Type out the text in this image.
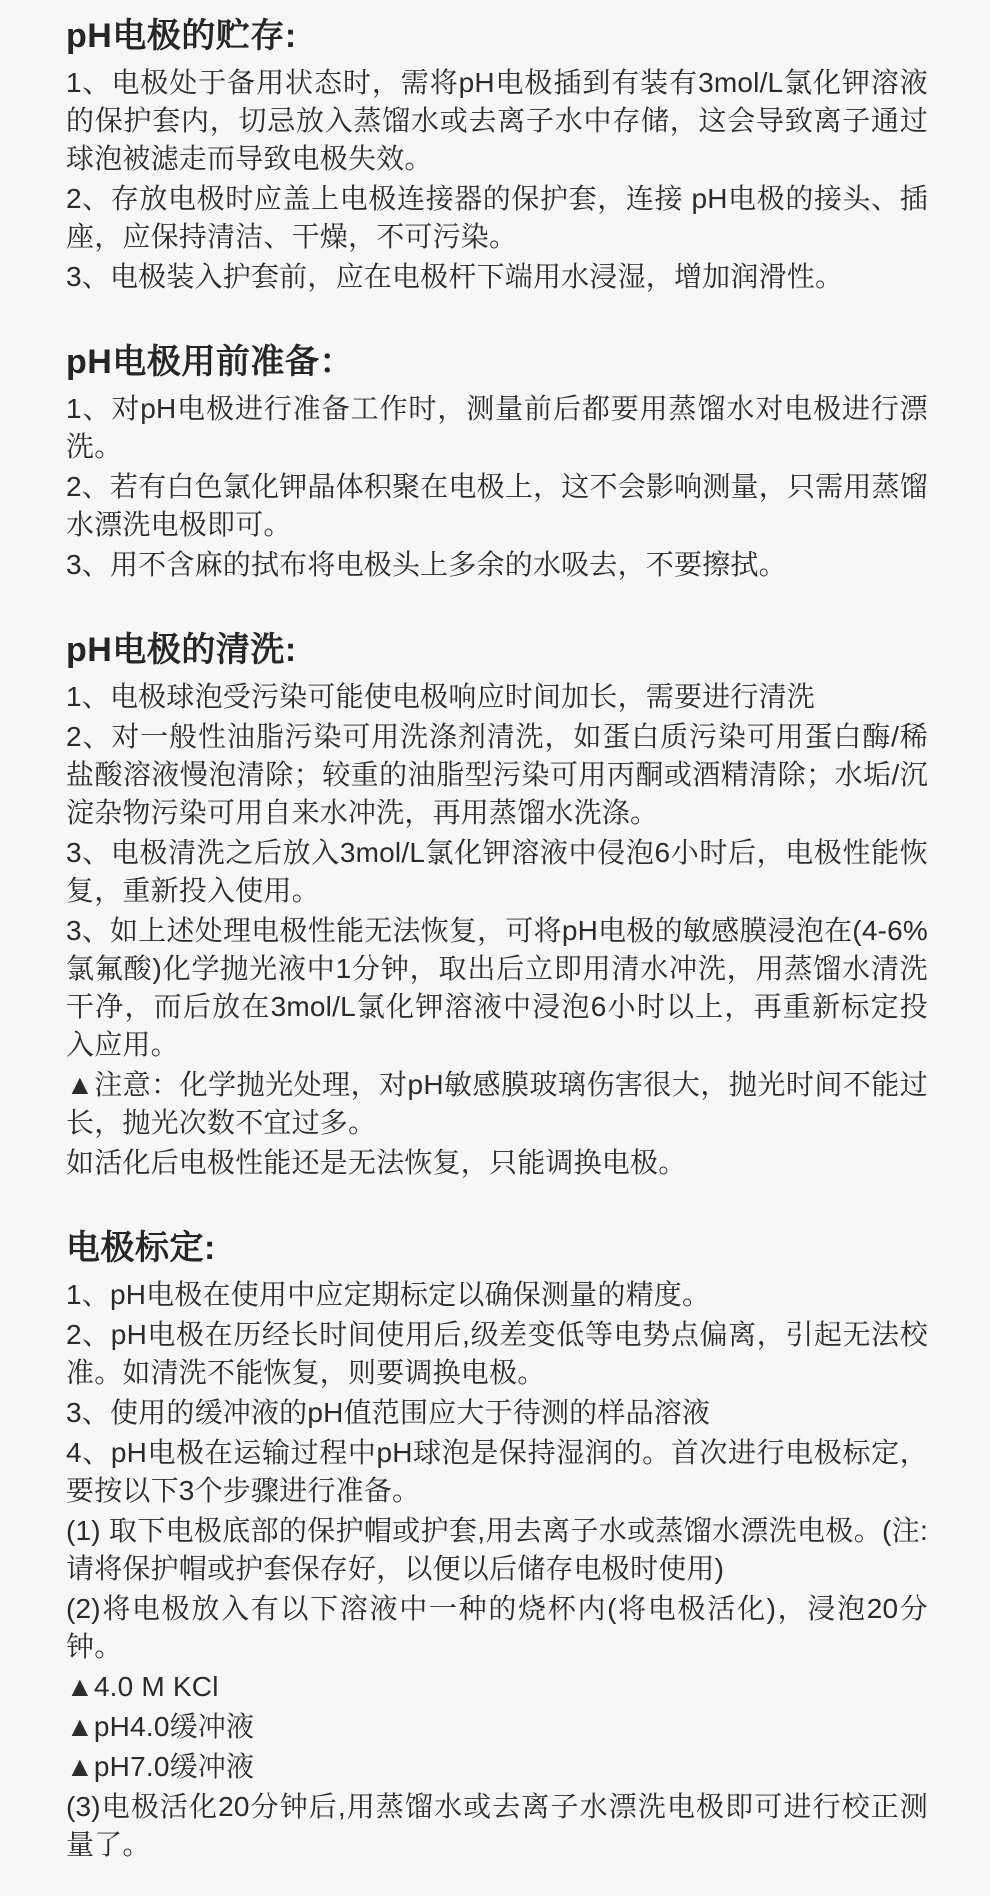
pH电极的贮存:

1、电极处于备用状态时，需将pH电极插到有装有3mol/L氯化钾溶液的保护套内，切忌放入蒸馏水或去离子水中存储，这会导致离子通过球泡被滤走而导致电极失效。

2、存放电极时应盖上电极连接器的保护套，连接 pH电极的接头、插座，应保持清洁、干燥，不可污染。

3、电极装入护套前，应在电极杆下端用水浸湿，增加润滑性。

pH电极用前准备：

1、对pH电极进行准备工作时，测量前后都要用蒸馏水对电极进行漂洗。

2、若有白色氯化钾晶体积聚在电极上，这不会影响测量，只需用蒸馏水漂洗电极即可。

3、用不含麻的拭布将电极头上多余的水吸去，不要擦拭。

pH电极的清洗:

1、电极球泡受污染可能使电极响应时间加长，需要进行清洗

2、对一般性油脂污染可用洗涤剂清洗，如蛋白质污染可用蛋白酶/稀盐酸溶液慢泡清除；较重的油脂型污染可用丙酮或酒精清除；水垢/沉淀杂物污染可用自来水冲洗，再用蒸馏水洗涤。

3、电极清洗之后放入3mol/L氯化钾溶液中侵泡6小时后，电极性能恢复，重新投入使用。

3、如上述处理电极性能无法恢复，可将pH电极的敏感膜浸泡在(4-6%氯氟酸)化学抛光液中1分钟，取出后立即用清水冲洗，用蒸馏水清洗干净，而后放在3mol/L氯化钾溶液中浸泡6小时以上，再重新标定投入应用。

▲注意：化学抛光处理，对pH敏感膜玻璃伤害很大，抛光时间不能过长，抛光次数不宜过多。

如活化后电极性能还是无法恢复，只能调换电极。

电极标定:

1、pH电极在使用中应定期标定以确保测量的精度。

2、pH电极在历经长时间使用后,级差变低等电势点偏离，引起无法校准。如清洗不能恢复，则要调换电极。

3、使用的缓冲液的pH值范围应大于待测的样品溶液

4、pH电极在运输过程中pH球泡是保持湿润的。首次进行电极标定，要按以下3个步骤进行准备。

(1) 取下电极底部的保护帽或护套,用去离子水或蒸馏水漂洗电极。(注:请将保护帽或护套保存好，以便以后储存电极时使用)

(2)将电极放入有以下溶液中一种的烧杯内(将电极活化)，浸泡20分钟。

▲4.0 M KCl

▲pH4.0缓冲液

▲pH7.0缓冲液

(3)电极活化20分钟后,用蒸馏水或去离子水漂洗电极即可进行校正测量了。
